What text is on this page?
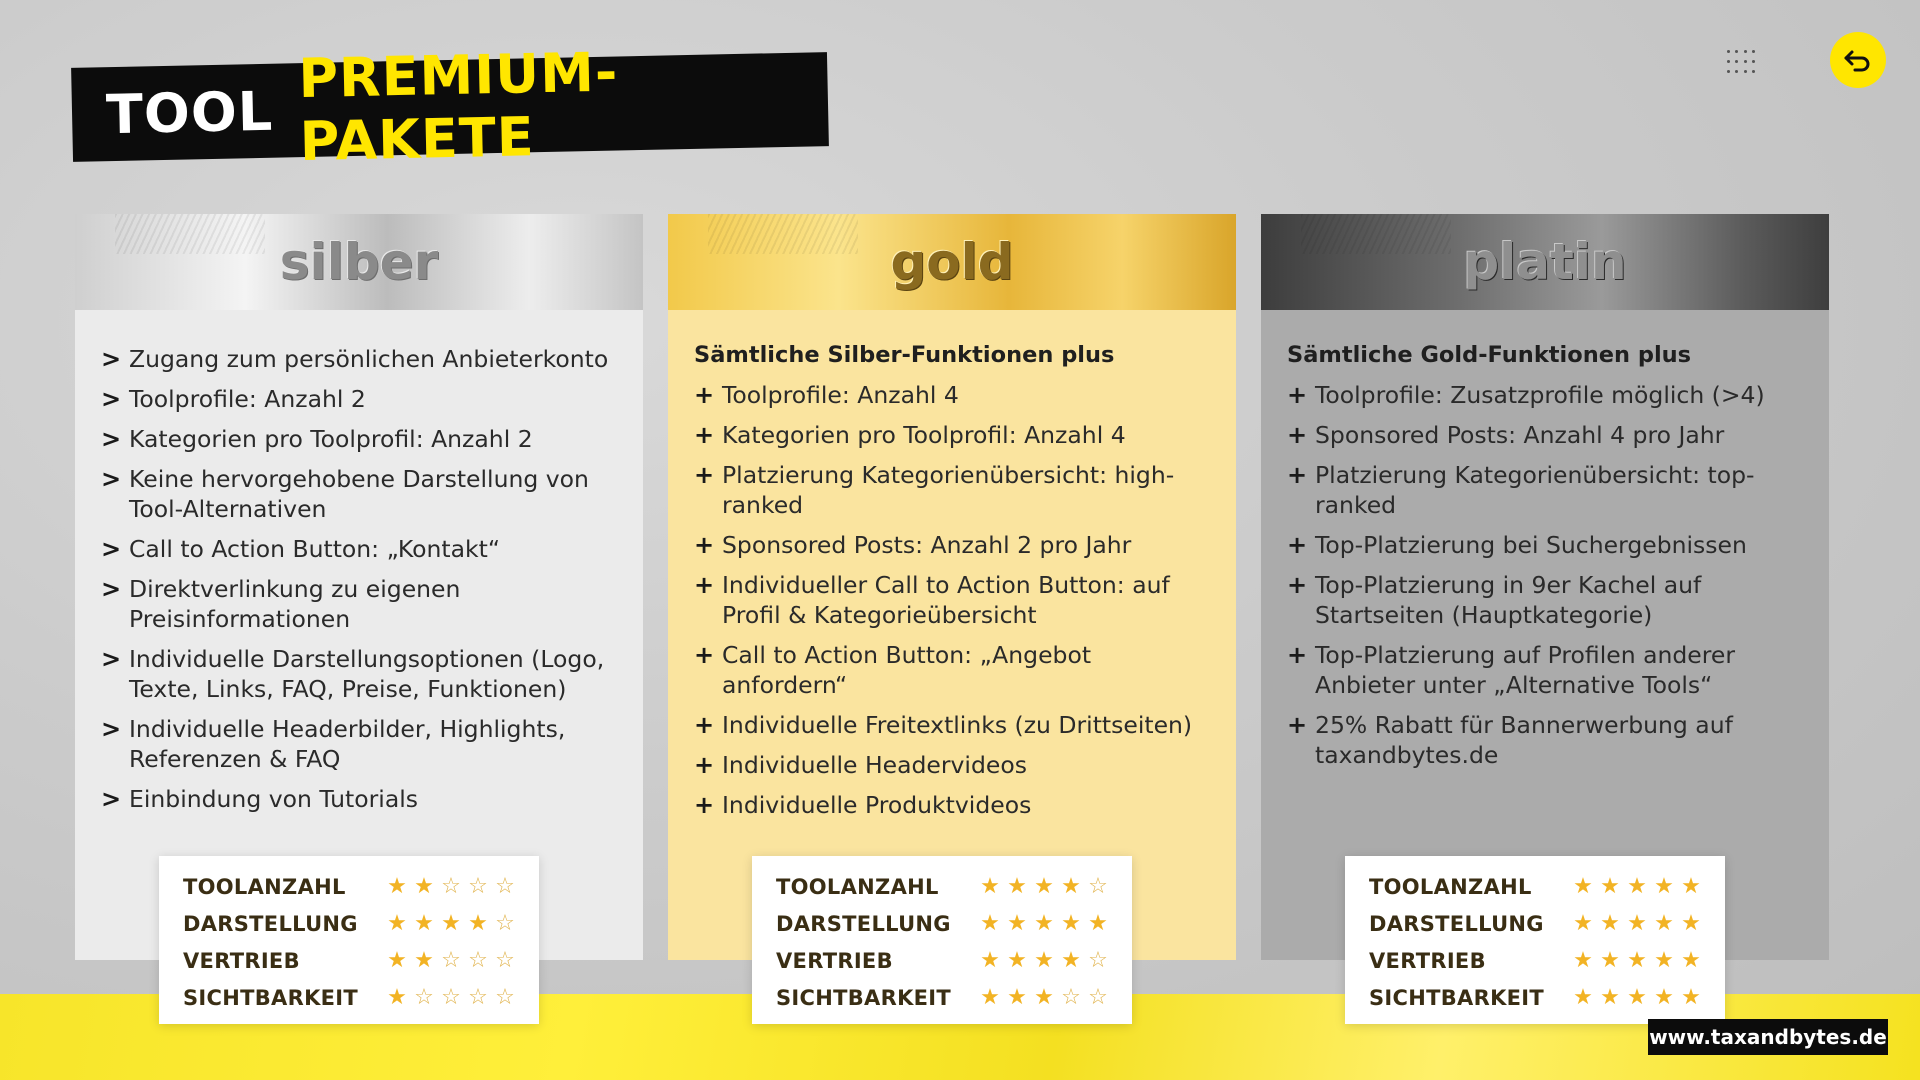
TOOL
PREMIUM-PAKETE
silber
> Zugang zum persönlichen Anbieterkonto
> Toolprofile: Anzahl 2
> Kategorien pro Toolprofil: Anzahl 2
> Keine hervorgehobene Darstellung von Tool-Alternativen
> Call to Action Button: „Kontakt“
> Direktverlinkung zu eigenen Preisinformationen
> Individuelle Darstellungsoptionen (Logo, Texte, Links, FAQ, Preise, Funktionen)
> Individuelle Headerbilder, Highlights, Referenzen & FAQ
> Einbindung von Tutorials
TOOLANZAHL ★ ★ ☆ ☆ ☆
DARSTELLUNG ★ ★ ★ ★ ☆
VERTRIEB	★ ★ ☆ ☆ ☆
SICHTBARKEIT ★ ☆ ☆ ☆ ☆
gold

Sämtliche Silber-Funktionen plus

+ Toolprofile: Anzahl 4
+ Kategorien pro Toolprofil: Anzahl 4
+ Platzierung Kategorienübersicht: high-ranked
+ Sponsored Posts: Anzahl 2 pro Jahr
+ Individueller Call to Action Button: auf Profil & Kategorieübersicht
+ Call to Action Button: „Angebot anfordern“
+ Individuelle Freitextlinks (zu Drittseiten)
+ Individuelle Headervideos
+ Individuelle Produktvideos
TOOLANZAHL ★ ★ ★ ★ ☆
DARSTELLUNG ★ ★ ★ ★ ★
VERTRIEB	★ ★ ★ ★ ☆
SICHTBARKEIT ★ ★ ★ ☆ ☆
platin

Sämtliche Gold-Funktionen plus

+ Toolprofile: Zusatzprofile möglich (>4)
+ Sponsored Posts: Anzahl 4 pro Jahr
+ Platzierung Kategorienübersicht: top-ranked
+ Top-Platzierung bei Suchergebnissen
+ Top-Platzierung in 9er Kachel auf Startseiten (Hauptkategorie)
+ Top-Platzierung auf Profilen anderer Anbieter unter „Alternative Tools“
+ 25% Rabatt für Bannerwerbung auf taxandbytes.de
TOOLANZAHL ★ ★ ★ ★ ★
DARSTELLUNG ★ ★ ★ ★ ★
VERTRIEB	★ ★ ★ ★ ★
SICHTBARKEIT ★ ★ ★ ★ ★
www.taxandbytes.de
